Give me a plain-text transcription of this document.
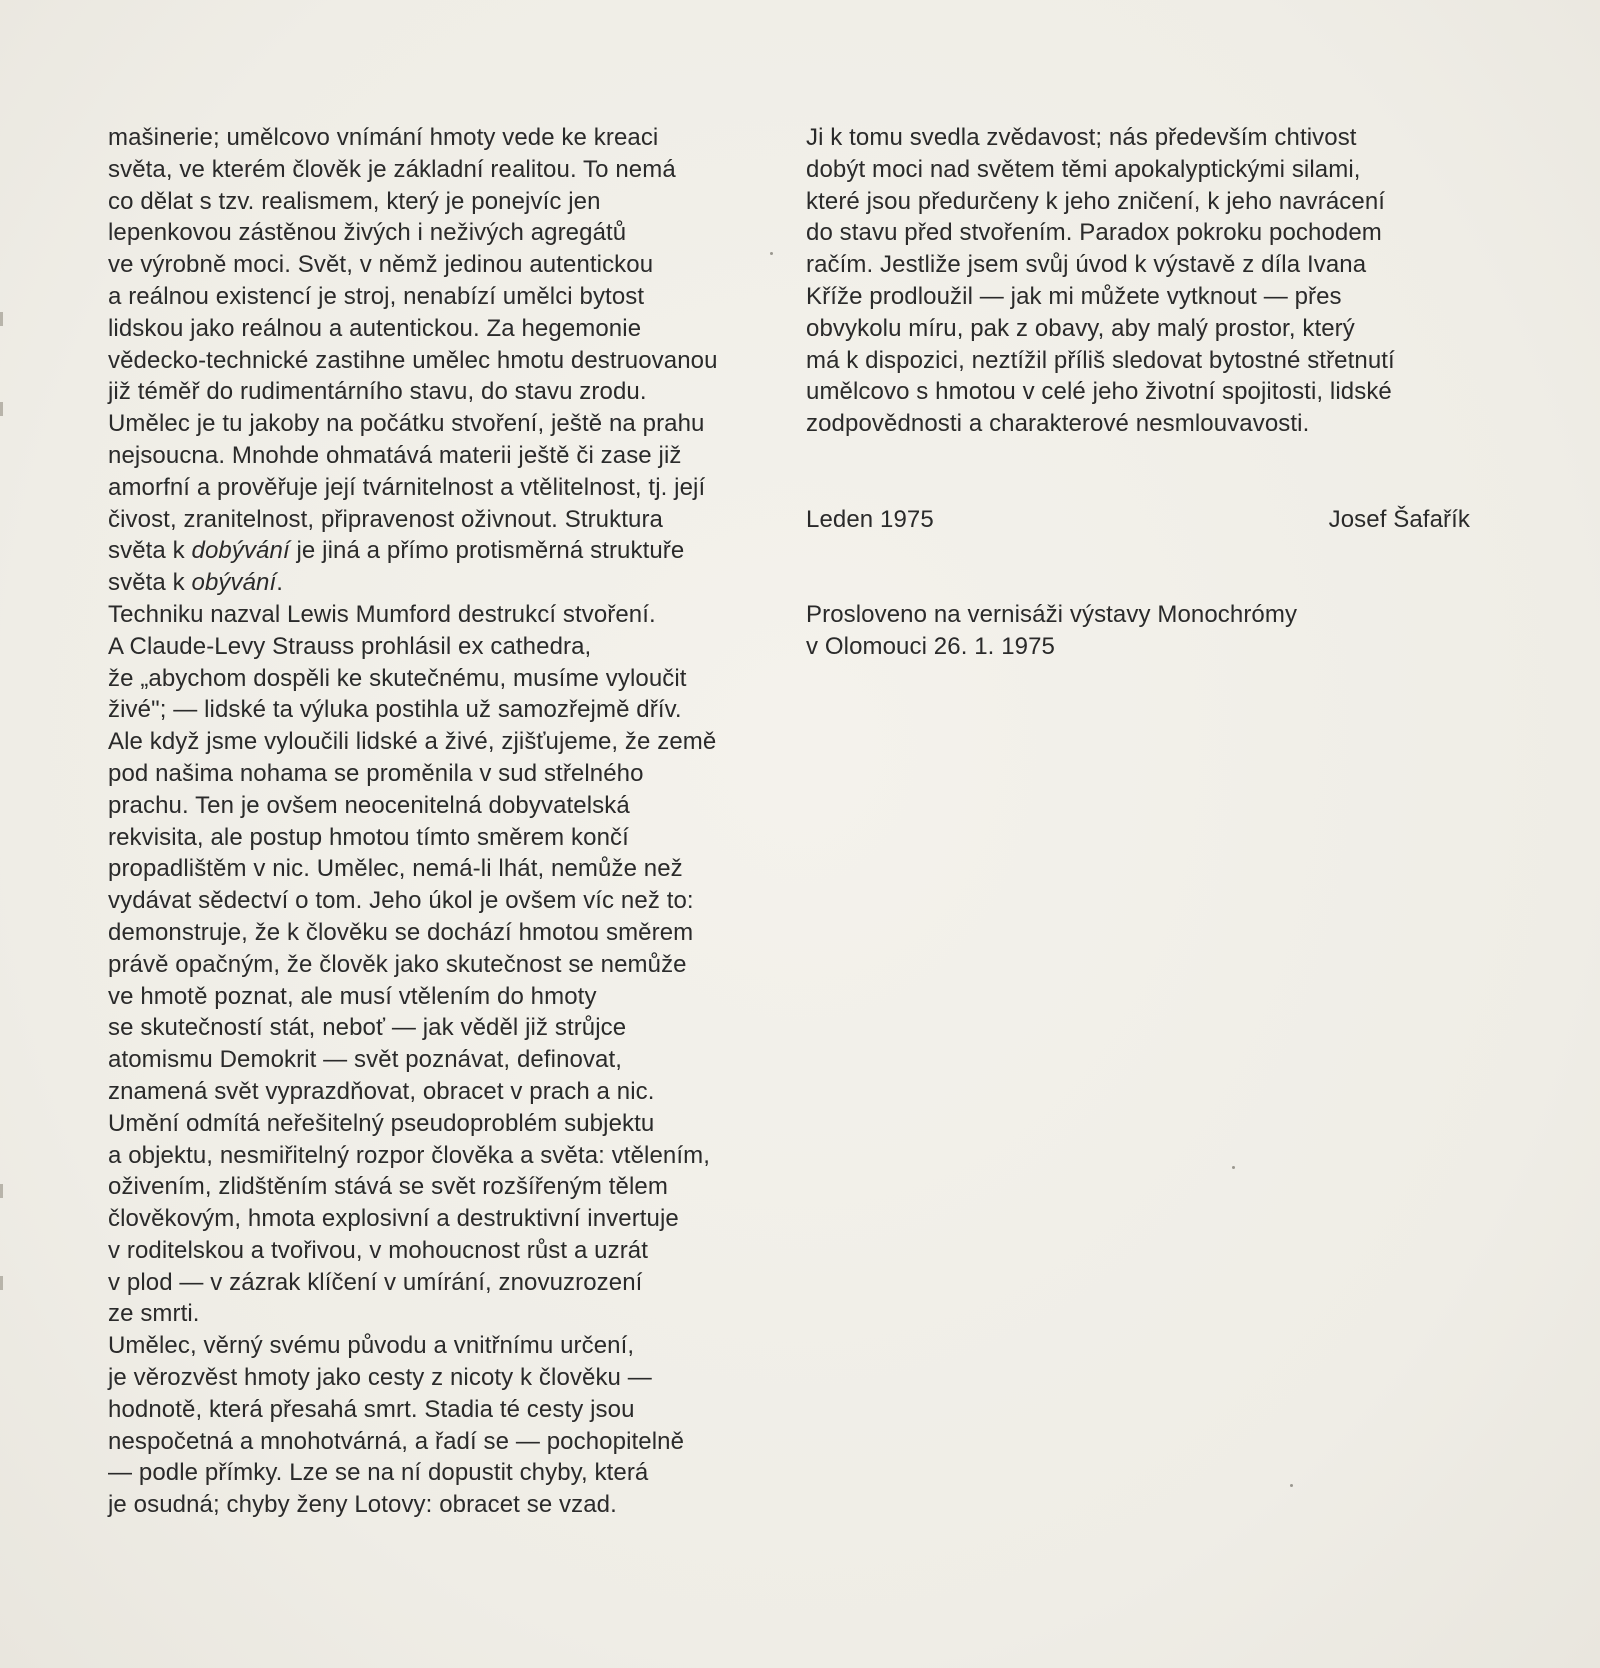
mašinerie; umělcovo vnímání hmoty vede ke kreaci
světa, ve kterém člověk je základní realitou. To nemá
co dělat s tzv. realismem, který je ponejvíc jen
lepenkovou zástěnou živých i neživých agregátů
ve výrobně moci. Svět, v němž jedinou autentickou
a reálnou existencí je stroj, nenabízí umělci bytost
lidskou jako reálnou a autentickou. Za hegemonie
vědecko-technické zastihne umělec hmotu destruovanou
již téměř do rudimentárního stavu, do stavu zrodu.
Umělec je tu jakoby na počátku stvoření, ještě na prahu
nejsoucna. Mnohde ohmatává materii ještě či zase již
amorfní a prověřuje její tvárnitelnost a vtělitelnost, tj. její
čivost, zranitelnost, připravenost oživnout. Struktura
světa k dobývání je jiná a přímo protisměrná struktuře
světa k obývání.
Techniku nazval Lewis Mumford destrukcí stvoření.
A Claude-Levy Strauss prohlásil ex cathedra,
že „abychom dospěli ke skutečnému, musíme vyloučit
živé"; — lidské ta výluka postihla už samozřejmě dřív.
Ale když jsme vyloučili lidské a živé, zjišťujeme, že země
pod našima nohama se proměnila v sud střelného
prachu. Ten je ovšem neocenitelná dobyvatelská
rekvisita, ale postup hmotou tímto směrem končí
propadlištěm v nic. Umělec, nemá-li lhát, nemůže než
vydávat sědectví o tom. Jeho úkol je ovšem víc než to:
demonstruje, že k člověku se dochází hmotou směrem
právě opačným, že člověk jako skutečnost se nemůže
ve hmotě poznat, ale musí vtělením do hmoty
se skutečností stát, neboť — jak věděl již strůjce
atomismu Demokrit — svět poznávat, definovat,
znamená svět vyprazdňovat, obracet v prach a nic.
Umění odmítá neřešitelný pseudoproblém subjektu
a objektu, nesmiřitelný rozpor člověka a světa: vtělením,
oživením, zlidštěním stává se svět rozšířeným tělem
člověkovým, hmota explosivní a destruktivní invertuje
v roditelskou a tvořivou, v mohoucnost růst a uzrát
v plod — v zázrak klíčení v umírání, znovuzrození
ze smrti.
Umělec, věrný svému původu a vnitřnímu určení,
je věrozvěst hmoty jako cesty z nicoty k člověku —
hodnotě, která přesahá smrt. Stadia té cesty jsou
nespočetná a mnohotvárná, a řadí se — pochopitelně
— podle přímky. Lze se na ní dopustit chyby, která
je osudná; chyby ženy Lotovy: obracet se vzad.
Ji k tomu svedla zvědavost; nás především chtivost
dobýt moci nad světem těmi apokalyptickými silami,
které jsou předurčeny k jeho zničení, k jeho navrácení
do stavu před stvořením. Paradox pokroku pochodem
račím. Jestliže jsem svůj úvod k výstavě z díla Ivana
Kříže prodloužil — jak mi můžete vytknout — přes
obvykolu míru, pak z obavy, aby malý prostor, který
má k dispozici, neztížil příliš sledovat bytostné střetnutí
umělcovo s hmotou v celé jeho životní spojitosti, lidské
zodpovědnosti a charakterové nesmlouvavosti.
Leden 1975	Josef Šafařík
Prosloveno na vernisáži výstavy Monochrómy
v Olomouci 26. 1. 1975
